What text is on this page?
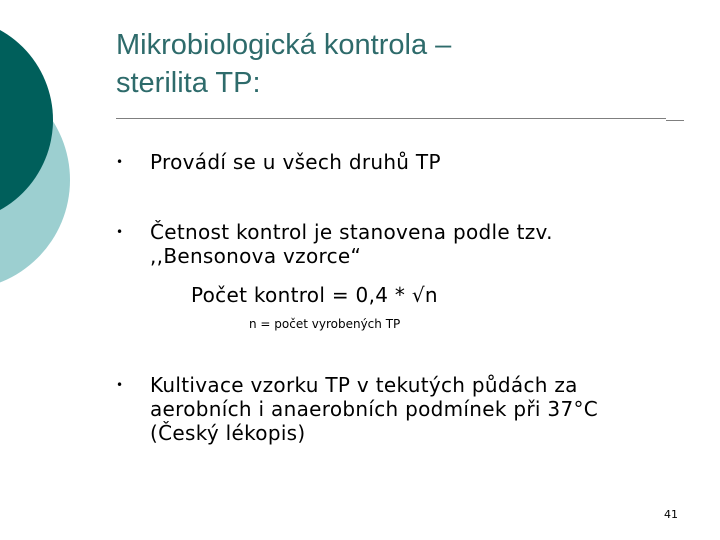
Mikrobiologická kontrola –
sterilita TP:
• Provádí se u všech druhů TP
• Četnost kontrol je stanovena podle tzv.
,,Bensonova vzorce“
Počet kontrol = 0,4 * √n
n = počet vyrobených TP
• Kultivace vzorku TP v tekutých půdách za
aerobních i anaerobních podmínek při 37°C
(Český lékopis)
41
